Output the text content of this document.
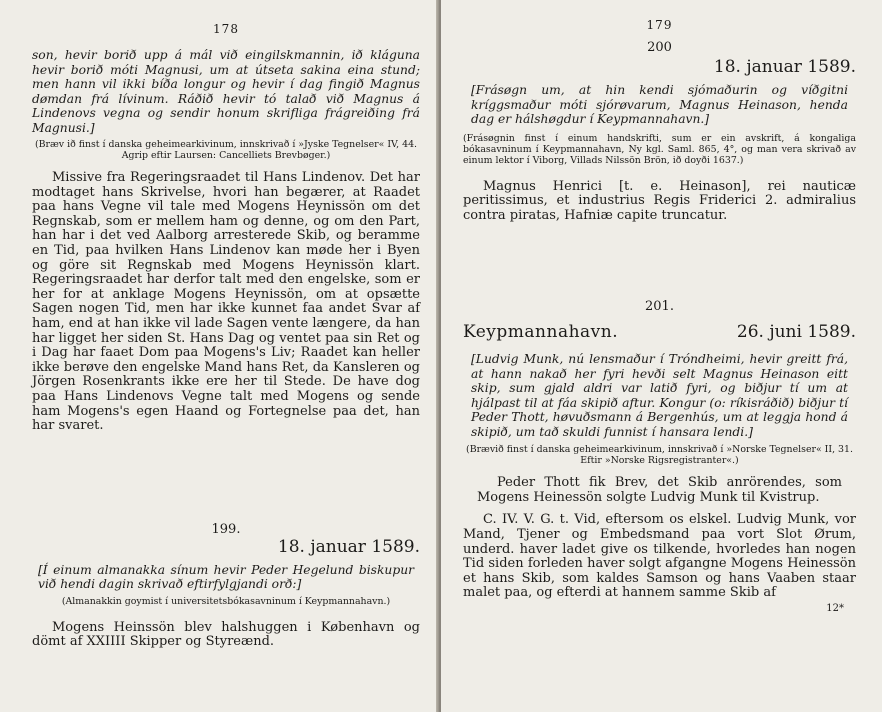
178

son, hevir borið upp á mál við eingilskmannin, ið kláguna hevir borið móti Magnusi, um at útseta sakina eina stund; men hann vil ikki bíða longur og hevir í dag fingið Magnus dømdan frá lívinum. Ráðið hevir tó talað við Magnus á Lindenovs vegna og sendir honum skrifliga frágreiðing frá Magnusi.]

(Bræv ið finst í danska geheimearkivinum, innskrivað í »Jyske Tegnelser« IV, 44. Agrip eftir Laursen: Cancelliets Brevbøger.)

Missive fra Regeringsraadet til Hans Lindenov. Det har modtaget hans Skrivelse, hvori han begærer, at Raadet paa hans Vegne vil tale med Mogens Heynissön om det Regnskab, som er mellem ham og denne, og om den Part, han har i det ved Aalborg arresterede Skib, og beramme en Tid, paa hvilken Hans Lindenov kan møde her i Byen og göre sit Regnskab med Mogens Heynissön klart. Regeringsraadet har derfor talt med den engelske, som er her for at anklage Mogens Heynissön, om at opsætte Sagen nogen Tid, men har ikke kunnet faa andet Svar af ham, end at han ikke vil lade Sagen vente længere, da han har ligget her siden St. Hans Dag og ventet paa sin Ret og i Dag har faaet Dom paa Mogens's Liv; Raadet kan heller ikke berøve den engelske Mand hans Ret, da Kansleren og Jörgen Rosenkrants ikke ere her til Stede. De have dog paa Hans Lindenovs Vegne talt med Mogens og sende ham Mogens's egen Haand og Fortegnelse paa det, han har svaret.

199.

18. januar 1589.

[Í einum almanakka sínum hevir Peder Hegelund biskupur við hendi dagin skrivað eftirfylgjandi orð:]

(Almanakkin goymist í universitetsbókasavninum í Keypmannahavn.)

Mogens Heinssön blev halshuggen i København og dömt af XXIIII Skipper og Styreænd.

179

200

18. januar 1589.

[Frásøgn um, at hin kendi sjómaðurin og víðgitni kríggsmaður móti sjórøvarum, Magnus Heinason, henda dag er hálshøgdur í Keypmannahavn.]

(Frásøgnin finst í einum handskrifti, sum er ein avskrift, á kongaliga bókasavninum í Keypmannahavn, Ny kgl. Saml. 865, 4°, og man vera skrivað av einum lektor í Viborg, Villads Nilssön Brön, ið doyði 1637.)

Magnus Henrici [t. e. Heinason], rei nauticæ peritissimus, et industrius Regis Friderici 2. admiralius contra piratas, Hafniæ capite truncatur.

201.

Keypmannahavn.	26. juni 1589.

[Ludvig Munk, nú lensmaður í Tróndheimi, hevir greitt frá, at hann nakað her fyri hevði selt Magnus Heinason eitt skip, sum gjald aldri var latið fyri, og biðjur tí um at hjálpast til at fáa skipið aftur. Kongur (o: ríkisráðið) biðjur tí Peder Thott, høvuðsmann á Bergenhús, um at leggja hond á skipið, um tað skuldi funnist í hansara lendi.]

(Brævið finst í danska geheimearkivinum, innskrivað í »Norske Tegnelser« II, 31. Eftir »Norske Rigsregistranter«.)

Peder Thott fik Brev, det Skib anrörendes, som Mogens Heinessön solgte Ludvig Munk til Kvistrup.

C. IV. V. G. t. Vid, eftersom os elskel. Ludvig Munk, vor Mand, Tjener og Embedsmand paa vort Slot Ørum, underd. haver ladet give os tilkende, hvorledes han nogen Tid siden forleden haver solgt afgangne Mogens Heinessön et hans Skib, som kaldes Samson og hans Vaaben staar malet paa, og efterdi at hannem samme Skib af

12*
